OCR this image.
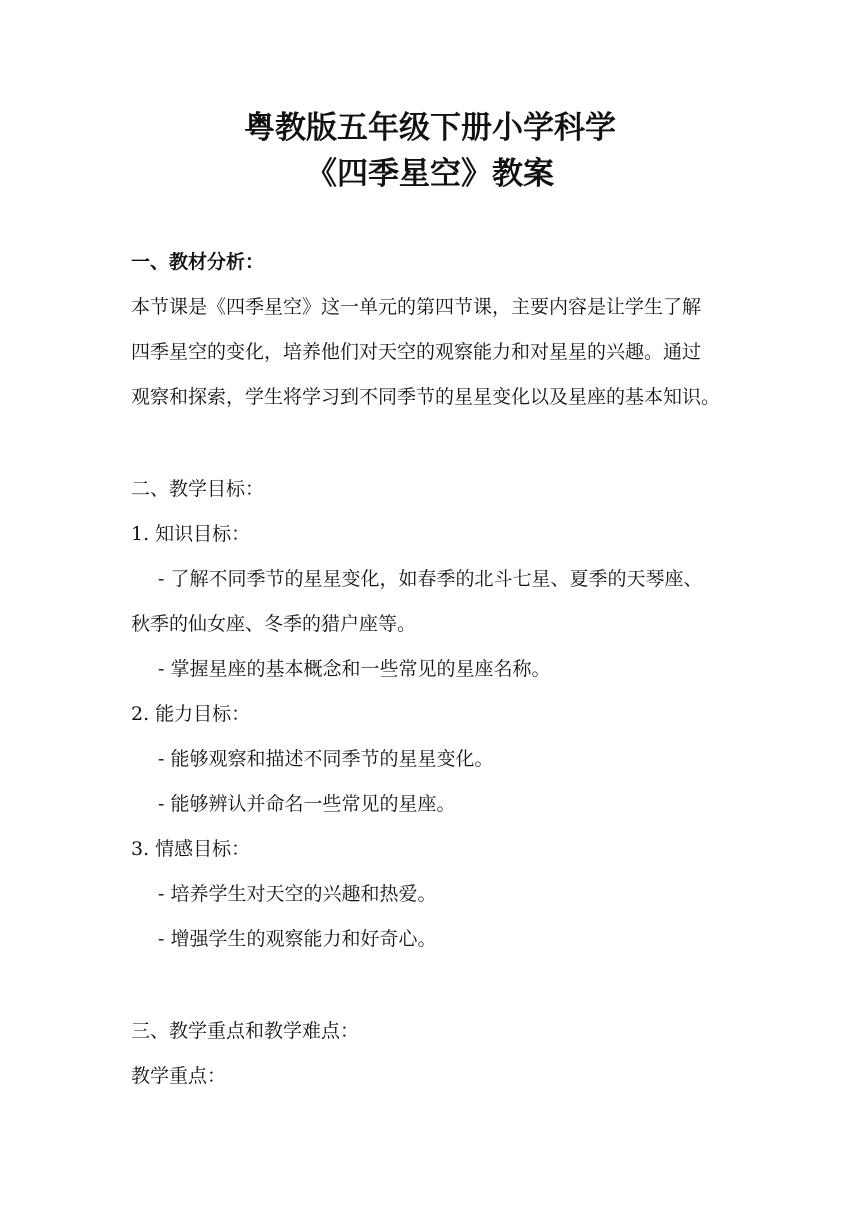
粤教版五年级下册小学科学
《四季星空》教案

一、教材分析：

本节课是《四季星空》这一单元的第四节课，主要内容是让学生了解

四季星空的变化，培养他们对天空的观察能力和对星星的兴趣。通过

观察和探索，学生将学习到不同季节的星星变化以及星座的基本知识。

二、教学目标：

1. 知识目标：

- 了解不同季节的星星变化，如春季的北斗七星、夏季的天琴座、

秋季的仙女座、冬季的猎户座等。

- 掌握星座的基本概念和一些常见的星座名称。

2. 能力目标：

- 能够观察和描述不同季节的星星变化。

- 能够辨认并命名一些常见的星座。

3. 情感目标：

- 培养学生对天空的兴趣和热爱。

- 增强学生的观察能力和好奇心。

三、教学重点和教学难点：

教学重点：
